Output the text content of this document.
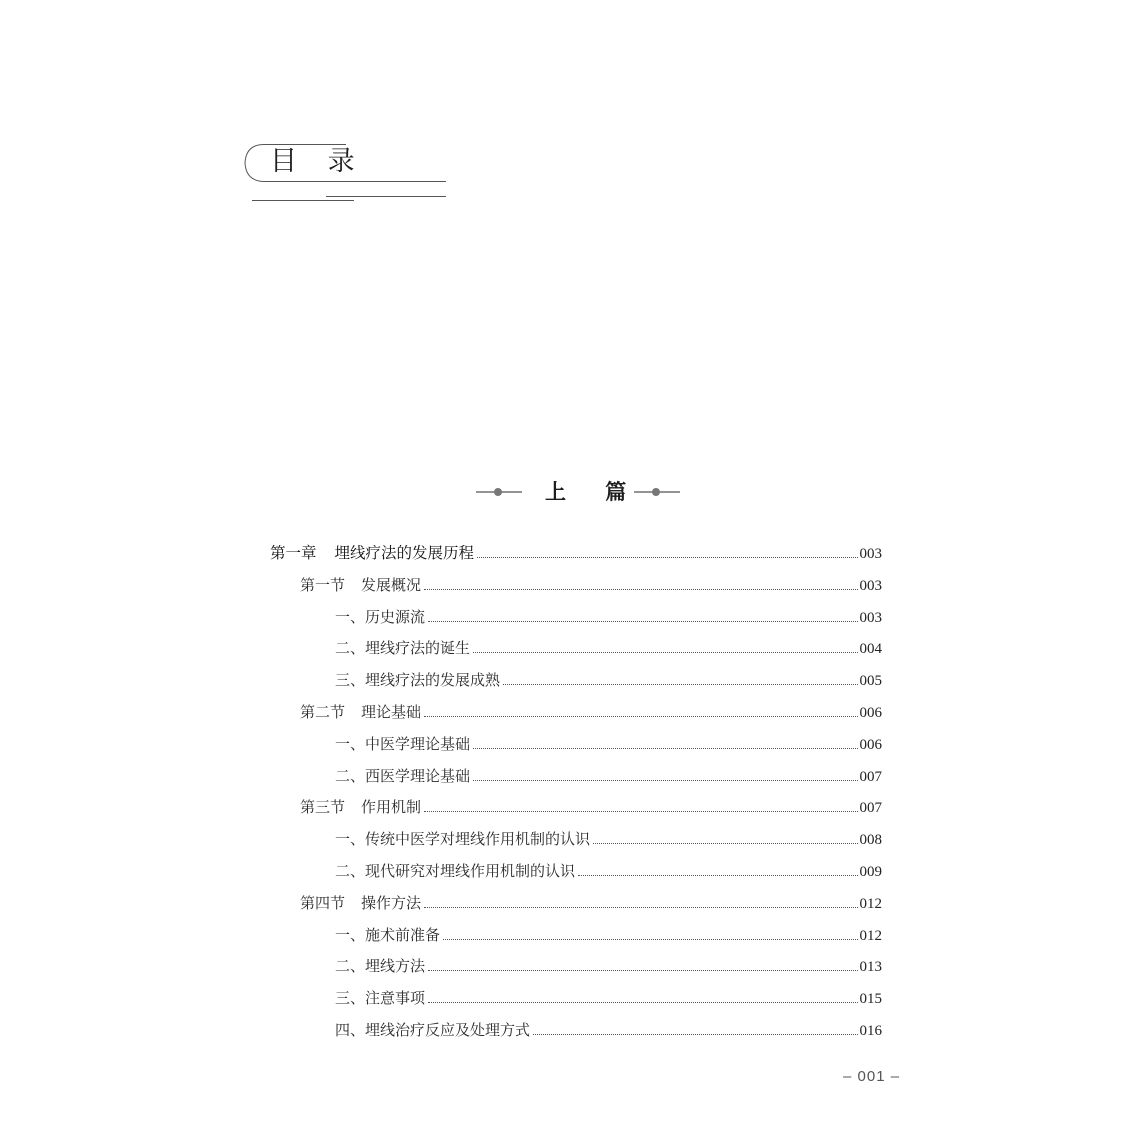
目 录
上 篇
第一章 埋线疗法的发展历程	003
第一节 发展概况	003
一、 历史源流	003
二、 埋线疗法的诞生	004
三、 埋线疗法的发展成熟	005
第二节 理论基础	006
一、 中医学理论基础	006
二、 西医学理论基础	007
第三节 作用机制	007
一、 传统中医学对埋线作用机制的认识	008
二、 现代研究对埋线作用机制的认识	009
第四节 操作方法	012
一、 施术前准备	012
二、 埋线方法	013
三、 注意事项	015
四、 埋线治疗反应及处理方式	016
– 001 –
